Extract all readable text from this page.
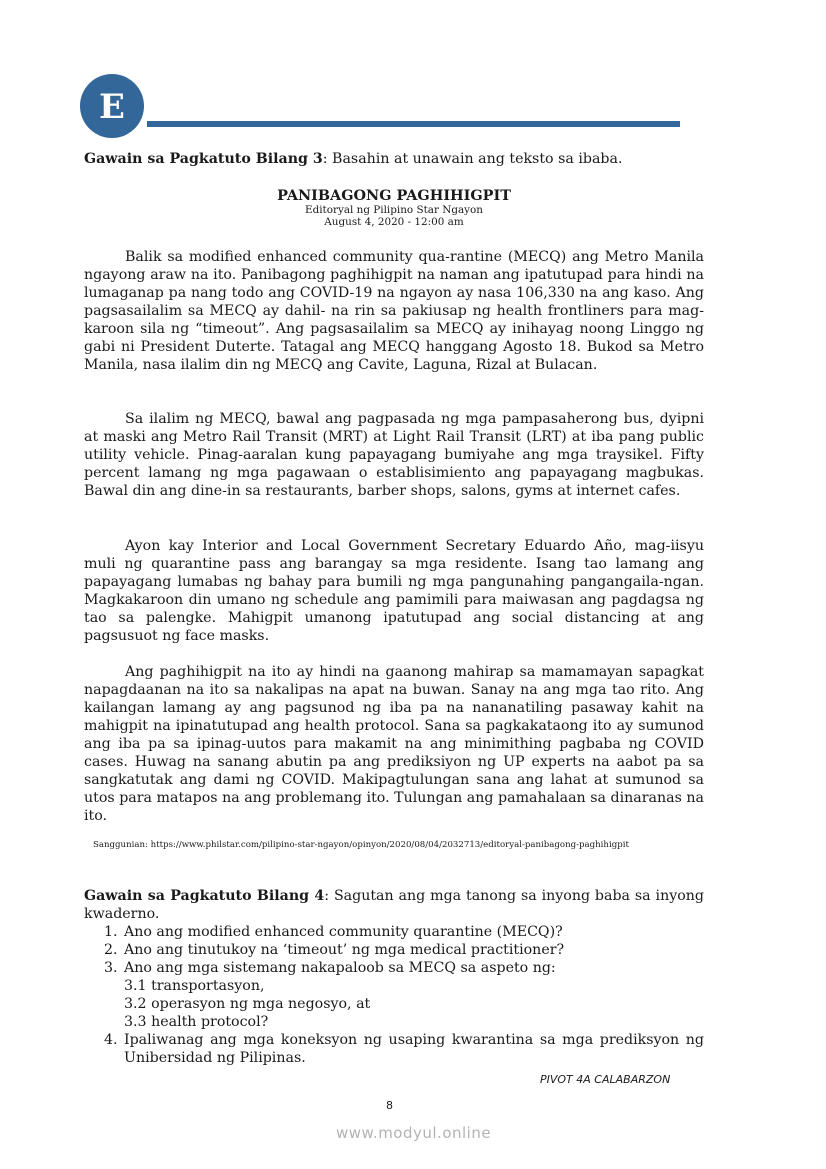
E
Gawain sa Pagkatuto Bilang 3: Basahin at unawain ang teksto sa ibaba.
PANIBAGONG PAGHIHIGPIT
Editoryal ng Pilipino Star Ngayon
August 4, 2020 - 12:00 am

Balik sa modified enhanced community qua-rantine (MECQ) ang Metro Manila ngayong araw na ito. Panibagong paghihigpit na naman ang ipatutupad para hindi na lumaganap pa nang todo ang COVID-19 na ngayon ay nasa 106,330 na ang kaso. Ang pagsasailalim sa MECQ ay dahil- na rin sa pakiusap ng health frontliners para mag-karoon sila ng “timeout”. Ang pagsasailalim sa MECQ ay inihayag noong Linggo ng gabi ni President Duterte. Tatagal ang MECQ hanggang Agosto 18. Bukod sa Metro Manila, nasa ilalim din ng MECQ ang Cavite, Laguna, Rizal at Bulacan.

Sa ilalim ng MECQ, bawal ang pagpasada ng mga pampasaherong bus, dyipni at maski ang Metro Rail Transit (MRT) at Light Rail Transit (LRT) at iba pang public utility vehicle. Pinag-aaralan kung papayagang bumiyahe ang mga traysikel. Fifty percent lamang ng mga pagawaan o establisimiento ang papayagang magbukas. Bawal din ang dine-in sa restaurants, barber shops, salons, gyms at internet cafes.

Ayon kay Interior and Local Government Secretary Eduardo Año, mag-iisyu muli ng quarantine pass ang barangay sa mga residente. Isang tao lamang ang papayagang lumabas ng bahay para bumili ng mga pangunahing pangangaila-ngan. Magkakaroon din umano ng schedule ang pamimili para maiwasan ang pagdagsa ng tao sa palengke. Mahigpit umanong ipatutupad ang social distancing at ang pagsusuot ng face masks.

Ang paghihigpit na ito ay hindi na gaanong mahirap sa mamamayan sapagkat napagdaanan na ito sa nakalipas na apat na buwan. Sanay na ang mga tao rito. Ang kailangan lamang ay ang pagsunod ng iba pa na nananatiling pasaway kahit na mahigpit na ipinatutupad ang health protocol. Sana sa pagkakataong ito ay sumunod ang iba pa sa ipinag-uutos para makamit na ang minimithing pagbaba ng COVID cases. Huwag na sanang abutin pa ang prediksiyon ng UP experts na aabot pa sa sangkatutak ang dami ng COVID. Makipagtulungan sana ang lahat at sumunod sa utos para matapos na ang problemang ito. Tulungan ang pamahalaan sa dinaranas na ito.

Sanggunian: https://www.philstar.com/pilipino-star-ngayon/opinyon/2020/08/04/2032713/editoryal-panibagong-paghihigpit
Gawain sa Pagkatuto Bilang 4: Sagutan ang mga tanong sa inyong baba sa inyong kwaderno.
1. Ano ang modified enhanced community quarantine (MECQ)?
2. Ano ang tinutukoy na ‘timeout’ ng mga medical practitioner?
3. Ano ang mga sistemang nakapaloob sa MECQ sa aspeto ng:
3.1 transportasyon,
3.2 operasyon ng mga negosyo, at
3.3 health protocol?
4. Ipaliwanag ang mga koneksyon ng usaping kwarantina sa mga prediksyon ng Unibersidad ng Pilipinas.
PIVOT 4A CALABARZON
8
www.modyul.online
